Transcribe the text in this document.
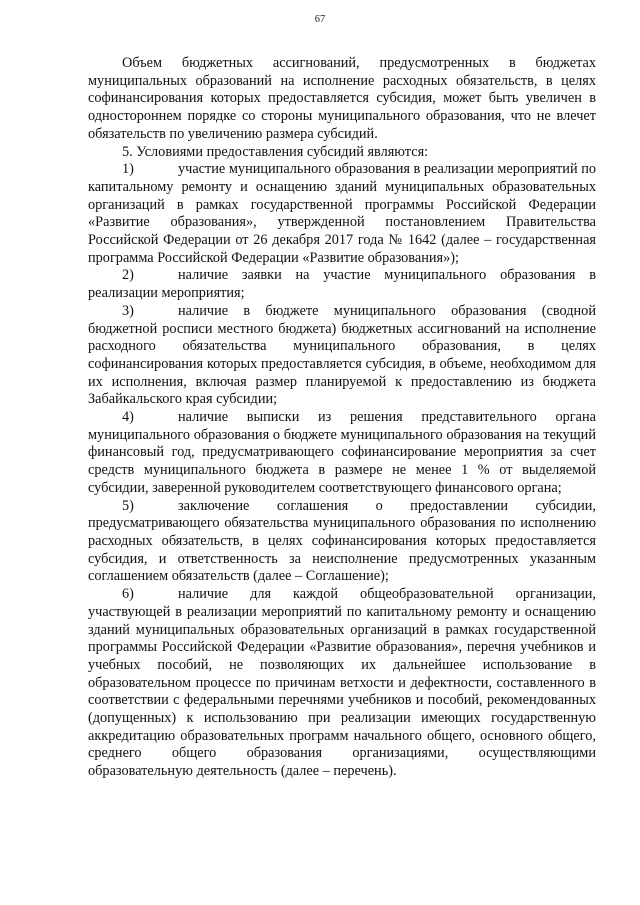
67

Объем бюджетных ассигнований, предусмотренных в бюджетах муниципальных образований на исполнение расходных обязательств, в целях софинансирования которых предоставляется субсидия, может быть увеличен в одностороннем порядке со стороны муниципального образования, что не влечет обязательств по увеличению размера субсидий.

5. Условиями предоставления субсидий являются:

1)	участие муниципального образования в реализации мероприятий по капитальному ремонту и оснащению зданий муниципальных образовательных организаций в рамках государственной программы Российской Федерации «Развитие образования», утвержденной постановлением Правительства Российской Федерации от 26 декабря 2017 года № 1642 (далее – государственная программа Российской Федерации «Развитие образования»);

2)	наличие заявки на участие муниципального образования в реализации мероприятия;

3)	наличие в бюджете муниципального образования (сводной бюджетной росписи местного бюджета) бюджетных ассигнований на исполнение расходного обязательства муниципального образования, в целях софинансирования которых предоставляется субсидия, в объеме, необходимом для их исполнения, включая размер планируемой к предоставлению из бюджета Забайкальского края субсидии;

4)	наличие выписки из решения представительного органа муниципального образования о бюджете муниципального образования на текущий финансовый год, предусматривающего софинансирование мероприятия за счет средств муниципального бюджета в размере не менее 1 % от выделяемой субсидии, заверенной руководителем соответствующего финансового органа;

5)	заключение соглашения о предоставлении субсидии, предусматривающего обязательства муниципального образования по исполнению расходных обязательств, в целях софинансирования которых предоставляется субсидия, и ответственность за неисполнение предусмотренных указанным соглашением обязательств (далее – Соглашение);

6)	наличие для каждой общеобразовательной организации, участвующей в реализации мероприятий по капитальному ремонту и оснащению зданий муниципальных образовательных организаций в рамках государственной программы Российской Федерации «Развитие образования», перечня учебников и учебных пособий, не позволяющих их дальнейшее использование в образовательном процессе по причинам ветхости и дефектности, составленного в соответствии с федеральными перечнями учебников и пособий, рекомендованных (допущенных) к использованию при реализации имеющих государственную аккредитацию образовательных программ начального общего, основного общего, среднего общего образования организациями, осуществляющими образовательную деятельность (далее – перечень).
